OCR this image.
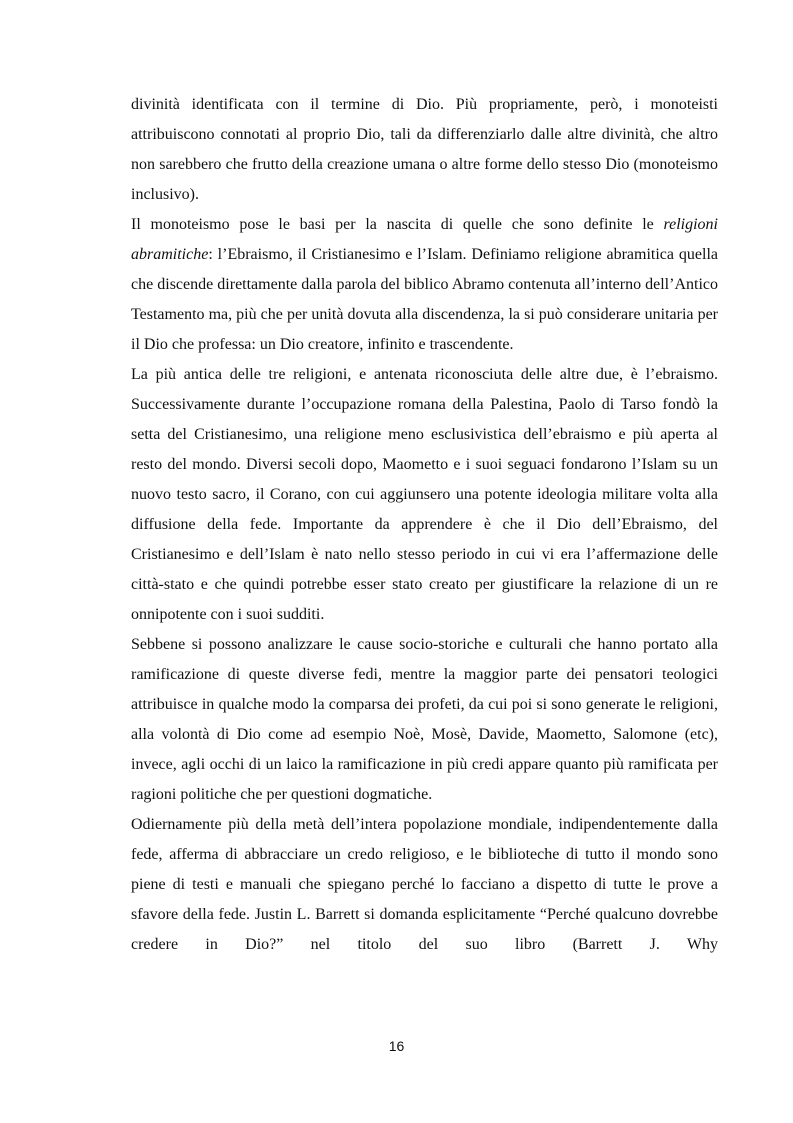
divinità identificata con il termine di Dio. Più propriamente, però, i monoteisti attribuiscono connotati al proprio Dio, tali da differenziarlo dalle altre divinità, che altro non sarebbero che frutto della creazione umana o altre forme dello stesso Dio (monoteismo inclusivo).

Il monoteismo pose le basi per la nascita di quelle che sono definite le religioni abramitiche: l’Ebraismo, il Cristianesimo e l’Islam. Definiamo religione abramitica quella che discende direttamente dalla parola del biblico Abramo contenuta all’interno dell’Antico Testamento ma, più che per unità dovuta alla discendenza, la si può considerare unitaria per il Dio che professa: un Dio creatore, infinito e trascendente.

La più antica delle tre religioni, e antenata riconosciuta delle altre due, è l’ebraismo. Successivamente durante l’occupazione romana della Palestina, Paolo di Tarso fondò la setta del Cristianesimo, una religione meno esclusivistica dell’ebraismo e più aperta al resto del mondo. Diversi secoli dopo, Maometto e i suoi seguaci fondarono l’Islam su un nuovo testo sacro, il Corano, con cui aggiunsero una potente ideologia militare volta alla diffusione della fede. Importante da apprendere è che il Dio dell’Ebraismo, del Cristianesimo e dell’Islam è nato nello stesso periodo in cui vi era l’affermazione delle città-stato e che quindi potrebbe esser stato creato per giustificare la relazione di un re onnipotente con i suoi sudditi.

Sebbene si possono analizzare le cause socio-storiche e culturali che hanno portato alla ramificazione di queste diverse fedi, mentre la maggior parte dei pensatori teologici attribuisce in qualche modo la comparsa dei profeti, da cui poi si sono generate le religioni, alla volontà di Dio come ad esempio Noè, Mosè, Davide, Maometto, Salomone (etc), invece, agli occhi di un laico la ramificazione in più credi appare quanto più ramificata per ragioni politiche che per questioni dogmatiche.

Odiernamente più della metà dell’intera popolazione mondiale, indipendentemente dalla fede, afferma di abbracciare un credo religioso, e le biblioteche di tutto il mondo sono piene di testi e manuali che spiegano perché lo facciano a dispetto di tutte le prove a sfavore della fede. Justin L. Barrett si domanda esplicitamente “Perché qualcuno dovrebbe credere in Dio?” nel titolo del suo libro (Barrett J. Why

16
